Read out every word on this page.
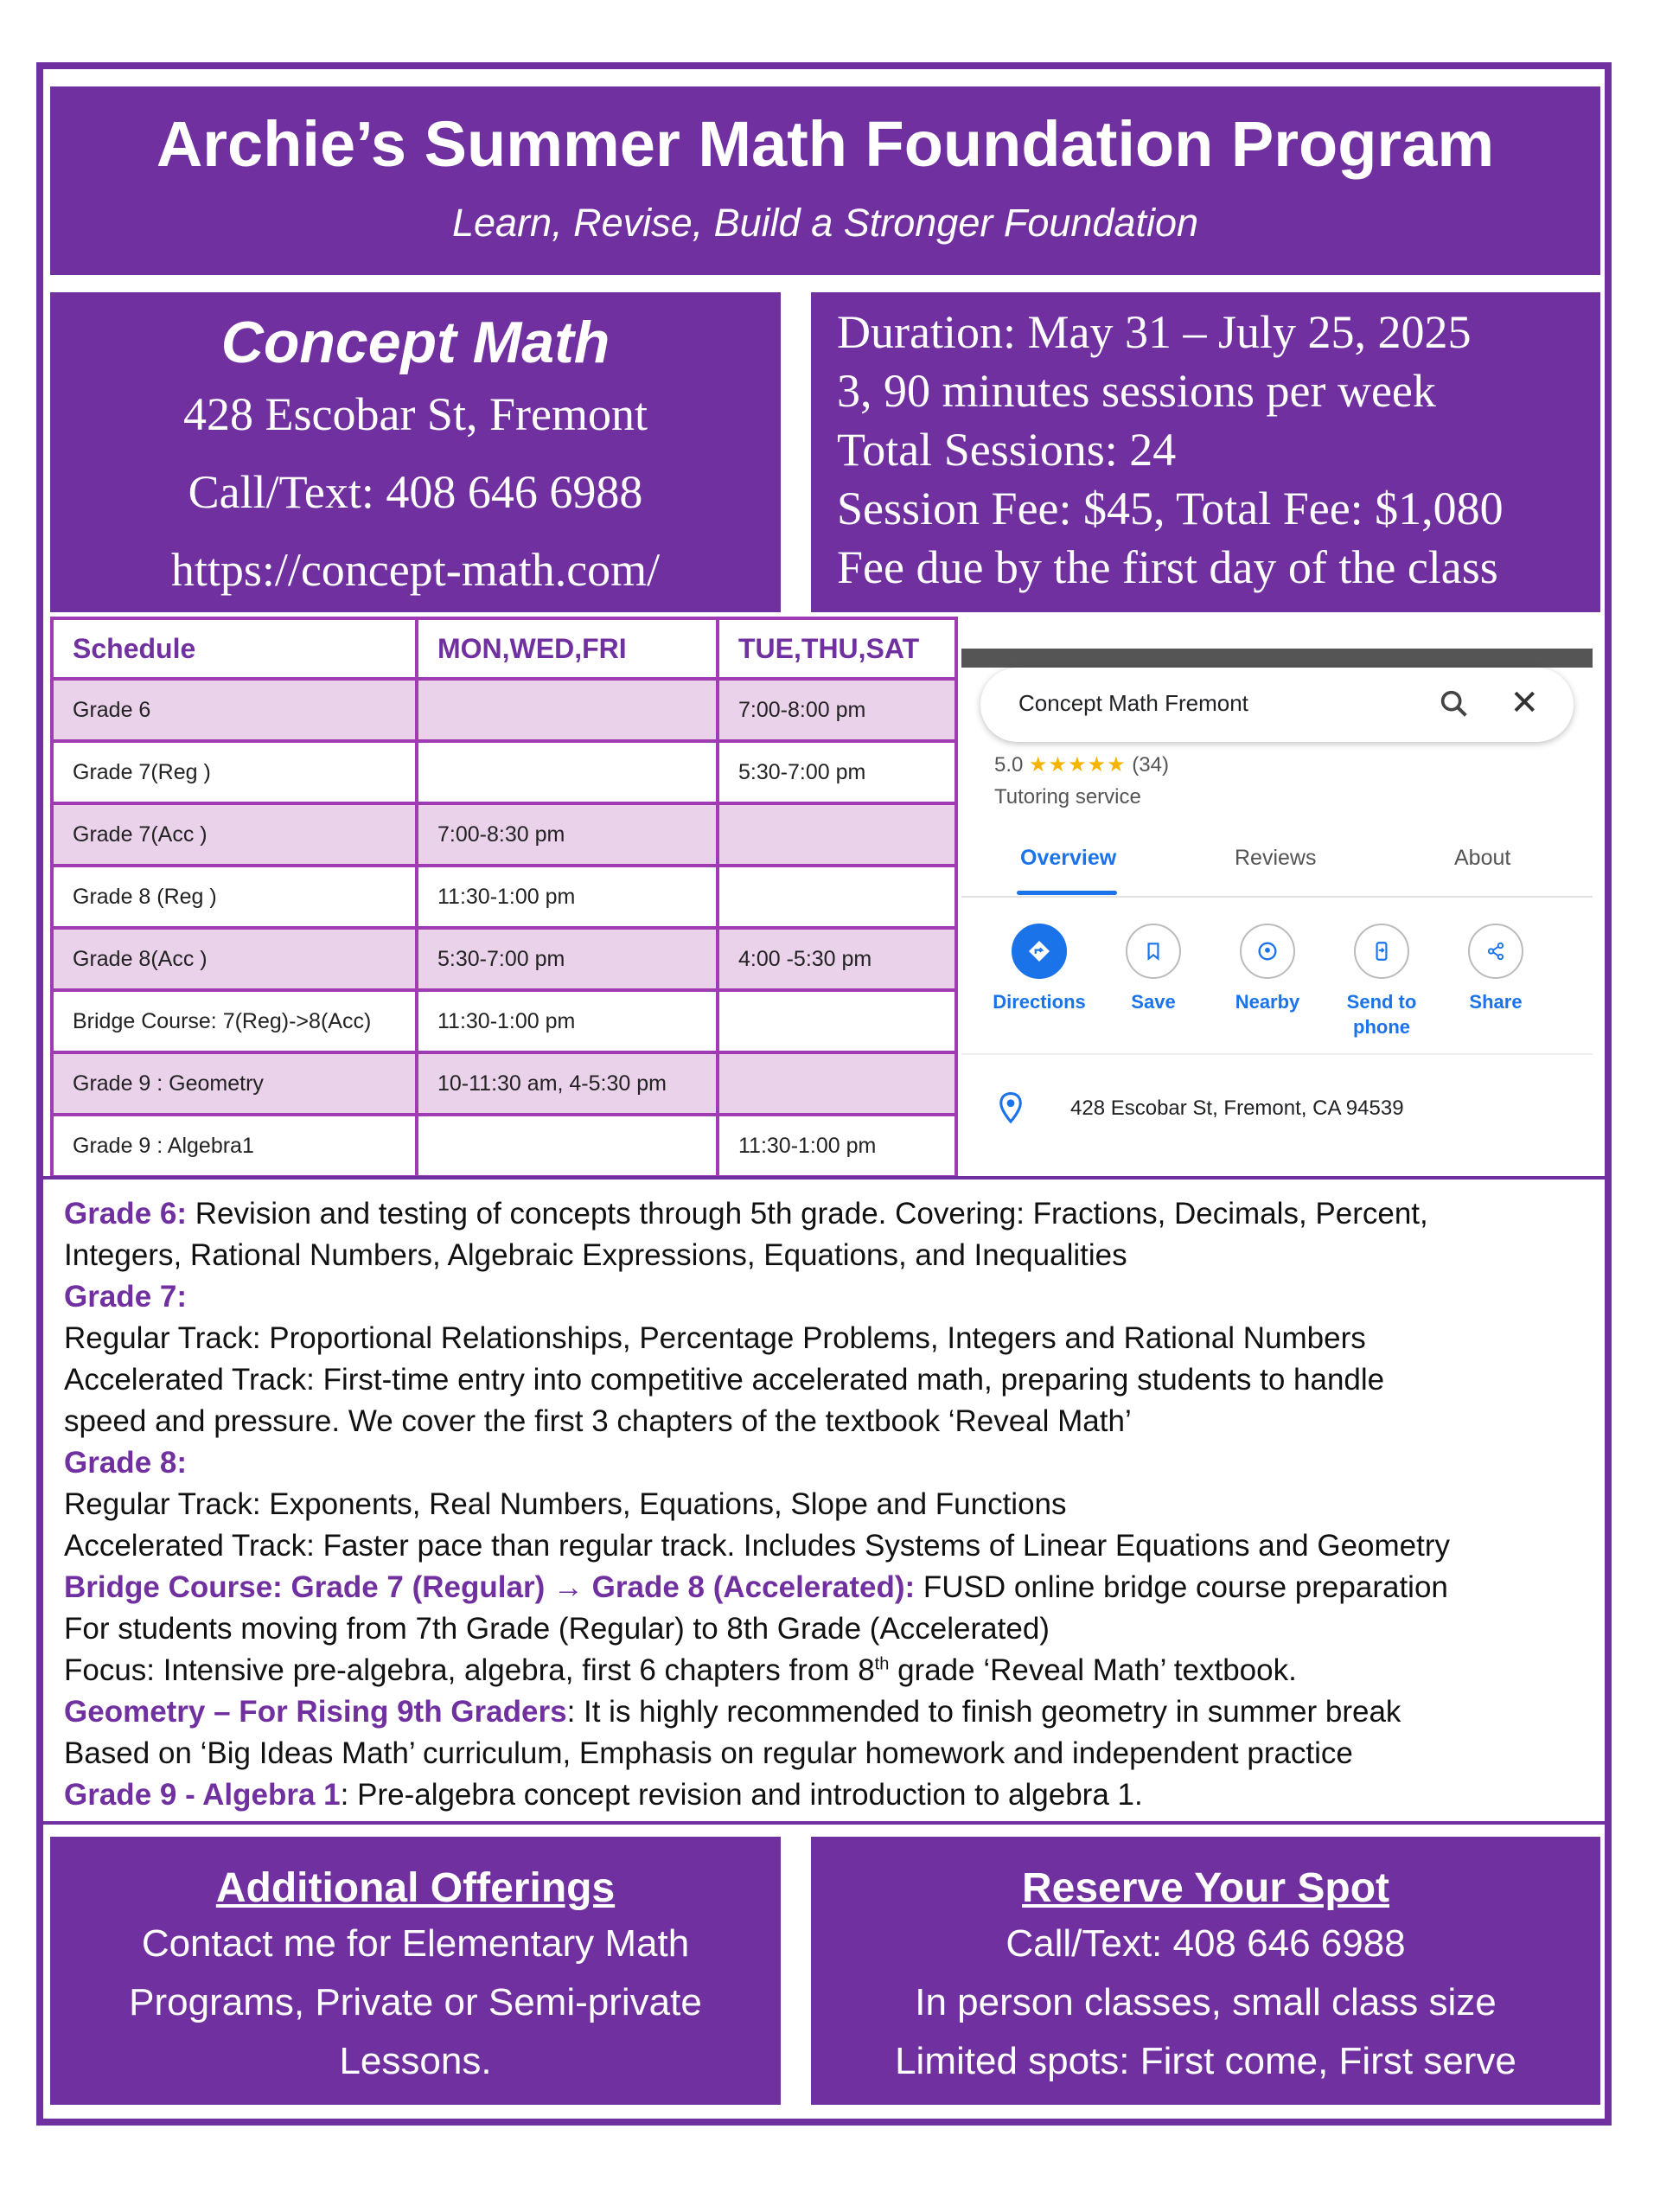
Archie’s Summer Math Foundation Program
Learn, Revise, Build a Stronger Foundation
Concept Math
428 Escobar St, Fremont
Call/Text: 408 646 6988
https://concept-math.com/
Duration: May 31 – July 25, 2025
3, 90 minutes sessions per week
Total Sessions: 24
Session Fee: $45, Total Fee: $1,080
Fee due by the first day of the class
Schedule	MON,WED,FRI	TUE,THU,SAT
Grade 6		7:00-8:00 pm
Grade 7(Reg )		5:30-7:00 pm
Grade 7(Acc )	7:00-8:30 pm	
Grade 8 (Reg )	11:30-1:00 pm	
Grade 8(Acc )	5:30-7:00 pm	4:00 -5:30 pm
Bridge Course: 7(Reg)->8(Acc)	11:30-1:00 pm	
Grade 9 : Geometry	10-11:30 am, 4-5:30 pm	
Grade 9 : Algebra1		11:30-1:00 pm
Concept Math Fremont	✕
5.0 ★★★★★ (34)
Tutoring service
Overview	Reviews	About
Directions	Save	Nearby	Send to phone
Share
428 Escobar St, Fremont, CA 94539
Grade 6: Revision and testing of concepts through 5th grade. Covering: Fractions, Decimals, Percent,
Integers, Rational Numbers, Algebraic Expressions, Equations, and Inequalities
Grade 7:
Regular Track: Proportional Relationships, Percentage Problems, Integers and Rational Numbers
Accelerated Track: First-time entry into competitive accelerated math, preparing students to handle
speed and pressure. We cover the first 3 chapters of the textbook ‘Reveal Math’
Grade 8:
Regular Track: Exponents, Real Numbers, Equations, Slope and Functions
Accelerated Track: Faster pace than regular track. Includes Systems of Linear Equations and Geometry
Bridge Course: Grade 7 (Regular) → Grade 8 (Accelerated): FUSD online bridge course preparation
For students moving from 7th Grade (Regular) to 8th Grade (Accelerated)
Focus: Intensive pre-algebra, algebra, first 6 chapters from 8th grade ‘Reveal Math’ textbook.
Geometry – For Rising 9th Graders: It is highly recommended to finish geometry in summer break
Based on ‘Big Ideas Math’ curriculum, Emphasis on regular homework and independent practice
Grade 9 - Algebra 1: Pre-algebra concept revision and introduction to algebra 1.
Additional Offerings
Contact me for Elementary Math
Programs, Private or Semi-private
Lessons.
Reserve Your Spot
Call/Text: 408 646 6988
In person classes, small class size
Limited spots: First come, First serve
